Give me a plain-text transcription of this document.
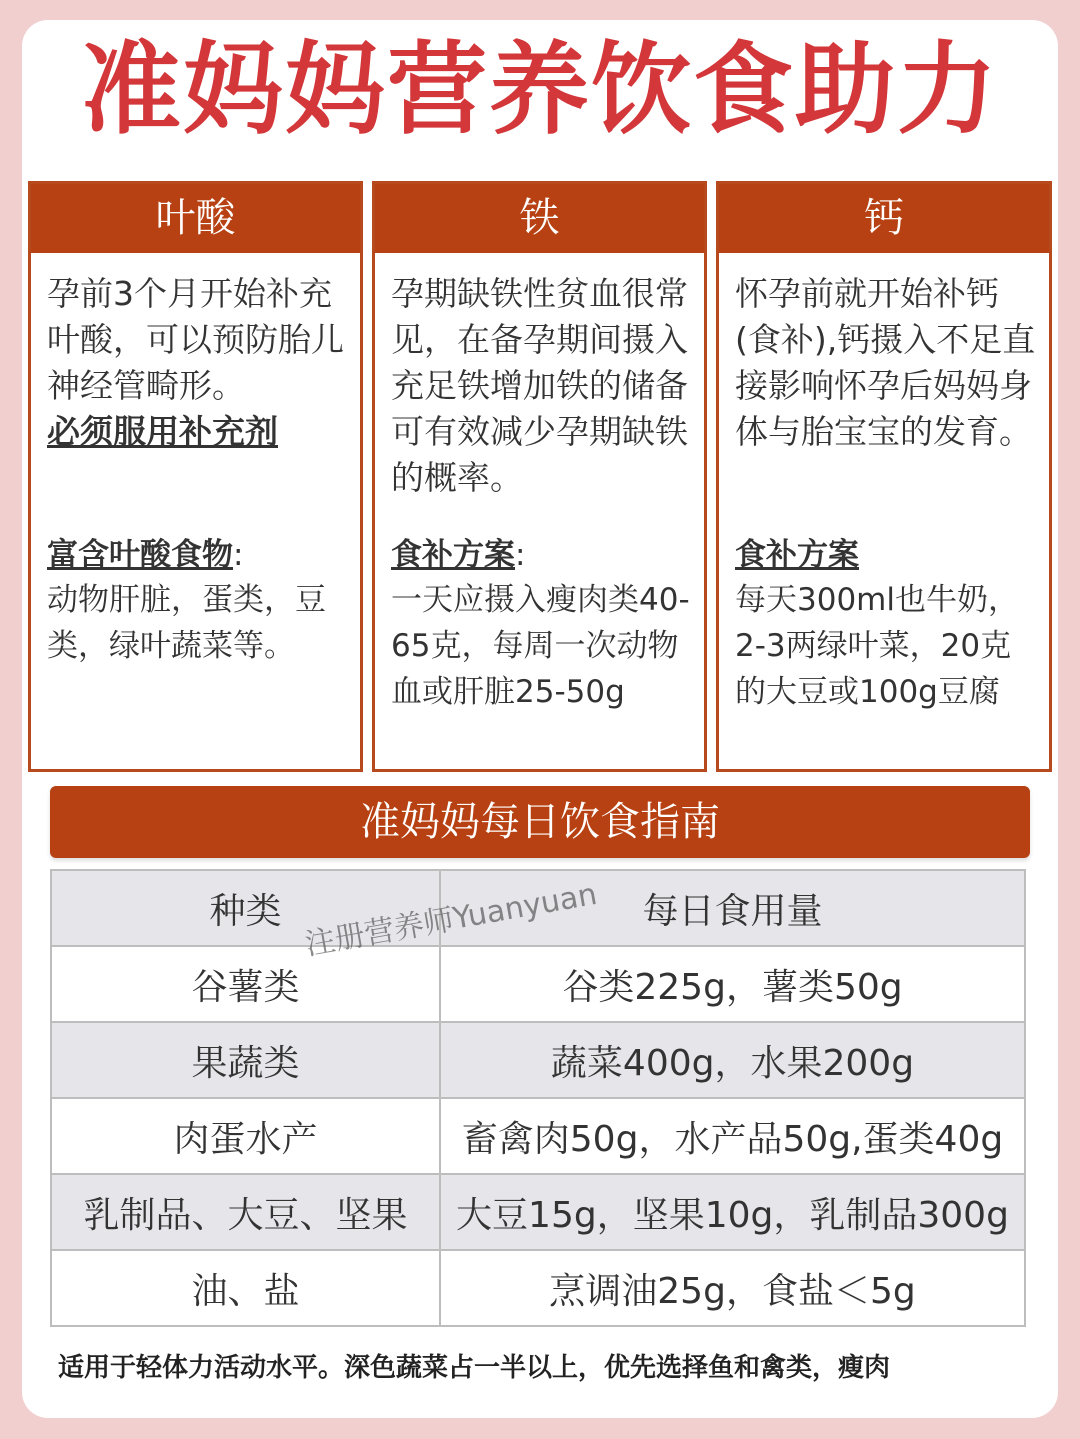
准妈妈营养饮食助力
叶酸
孕前3个月开始补充叶酸，可以预防胎儿神经管畸形。
必须服用补充剂
富含叶酸食物:
动物肝脏，蛋类，豆类，绿叶蔬菜等。
铁
孕期缺铁性贫血很常见，在备孕期间摄入充足铁增加铁的储备可有效减少孕期缺铁的概率。
食补方案:
一天应摄入瘦肉类40-65克，每周一次动物血或肝脏25-50g
钙
怀孕前就开始补钙(食补),钙摄入不足直接影响怀孕后妈妈身体与胎宝宝的发育。
食补方案
每天300ml也牛奶，2-3两绿叶菜，20克的大豆或100g豆腐
准妈妈每日饮食指南
种类	每日食用量
谷薯类	谷类225g，薯类50g
果蔬类	蔬菜400g，水果200g
肉蛋水产	畜禽肉50g，水产品50g,蛋类40g
乳制品、大豆、坚果	大豆15g，坚果10g，乳制品300g
油、盐	烹调油25g，食盐＜5g
注册营养师Yuanyuan
适用于轻体力活动水平。深色蔬菜占一半以上，优先选择鱼和禽类，瘦肉
